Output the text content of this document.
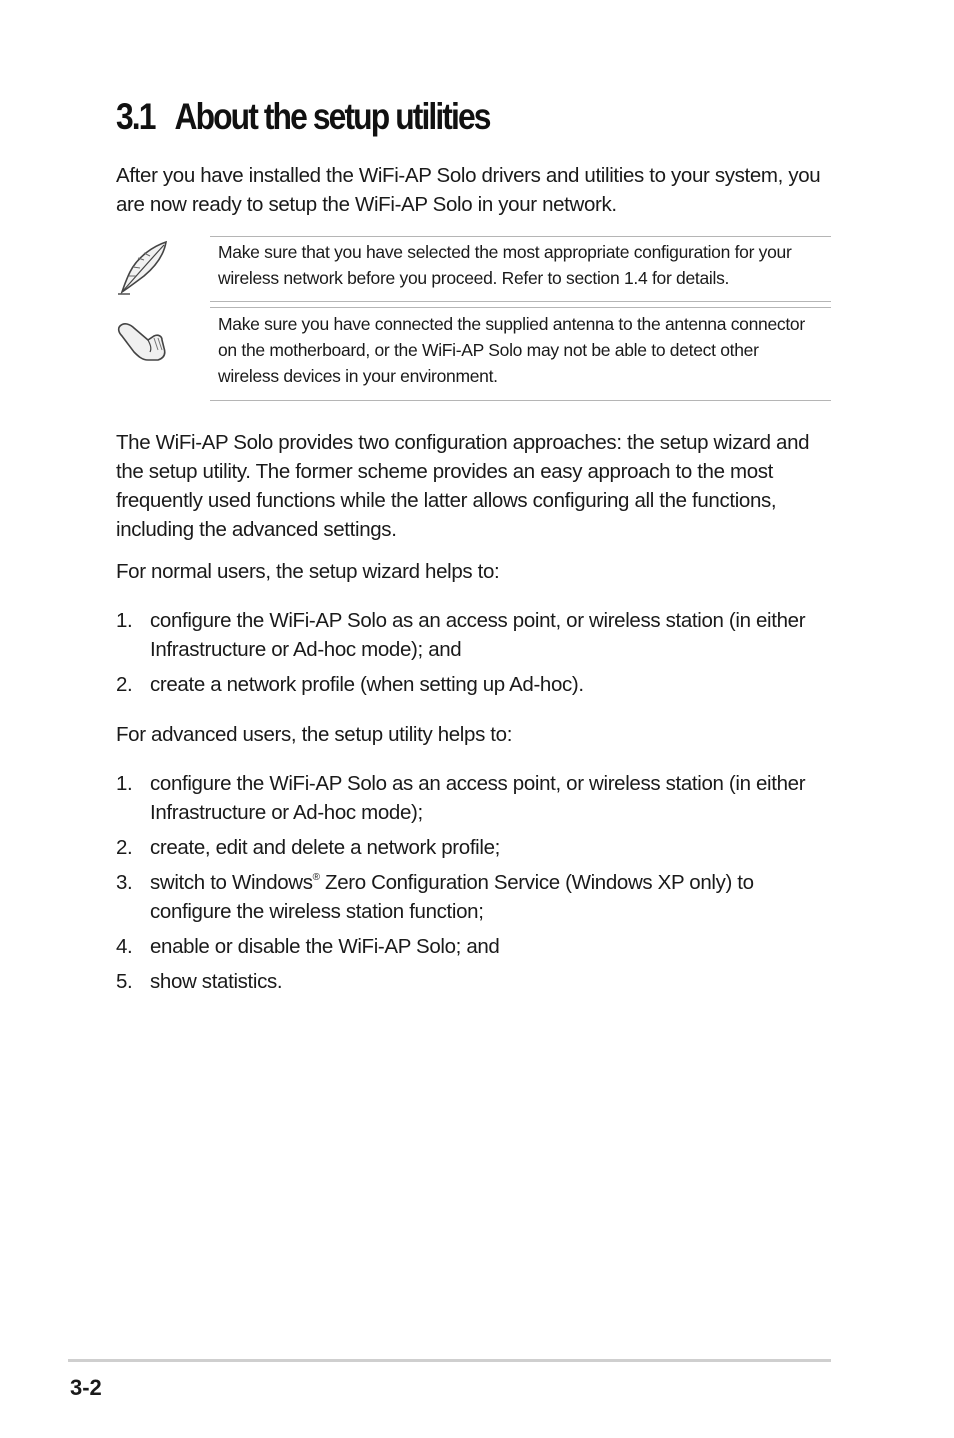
3.1 About the setup utilities

After you have installed the WiFi-AP Solo drivers and utilities to your system, you are now ready to setup the WiFi-AP Solo in your network.

Make sure that you have selected the most appropriate configuration for your wireless network before you proceed. Refer to section 1.4 for details.

Make sure you have connected the supplied antenna to the antenna connector on the motherboard, or the WiFi-AP Solo may not be able to detect other wireless devices in your environment.

The WiFi-AP Solo provides two configuration approaches: the setup wizard and the setup utility. The former scheme provides an easy approach to the most frequently used functions while the latter allows configuring all the functions, including the advanced settings.

For normal users, the setup wizard helps to:

1. configure the WiFi-AP Solo as an access point, or wireless station (in either Infrastructure or Ad-hoc mode); and
2. create a network profile (when setting up Ad-hoc).

For advanced users, the setup utility helps to:

1. configure the WiFi-AP Solo as an access point, or wireless station (in either Infrastructure or Ad-hoc mode);
2. create, edit and delete a network profile;
3. switch to Windows® Zero Configuration Service (Windows XP only) to configure the wireless station function;
4. enable or disable the WiFi-AP Solo; and
5. show statistics.
3-2
